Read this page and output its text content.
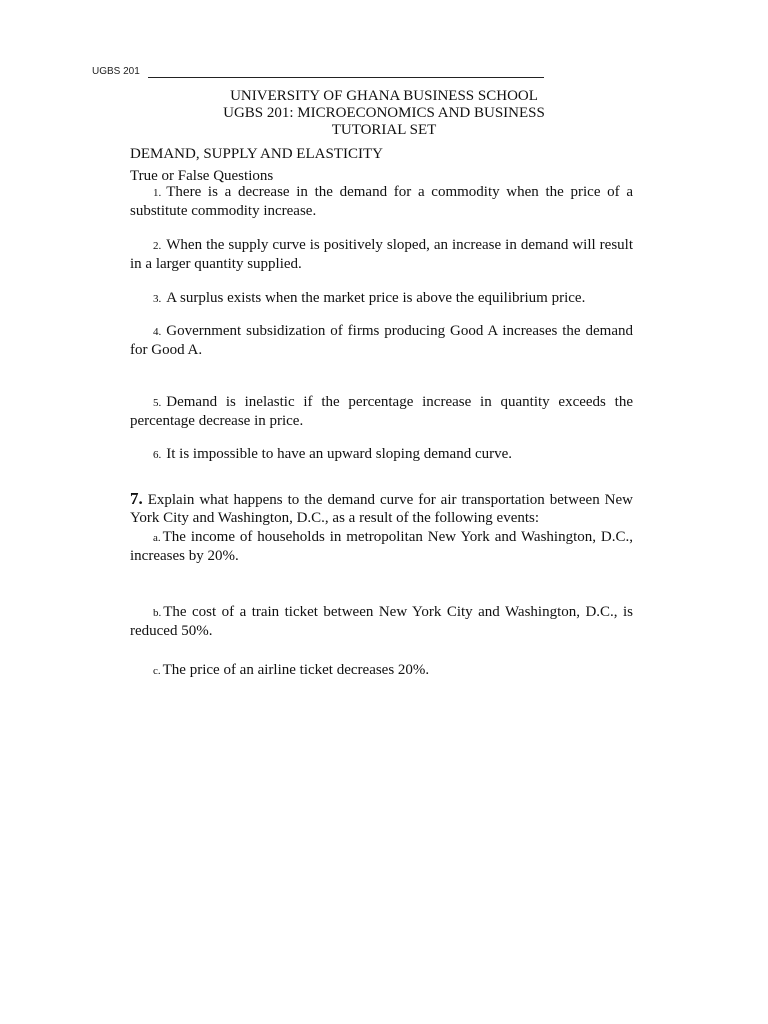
UGBS 201
UNIVERSITY OF GHANA BUSINESS SCHOOL
UGBS 201: MICROECONOMICS AND BUSINESS
TUTORIAL SET
DEMAND, SUPPLY AND ELASTICITY
True or False Questions
1. There is a decrease in the demand for a commodity when the price of a substitute commodity increase.
2. When the supply curve is positively sloped, an increase in demand will result in a larger quantity supplied.
3. A surplus exists when the market price is above the equilibrium price.
4. Government subsidization of firms producing Good A increases the demand for Good A.
5. Demand is inelastic if the percentage increase in quantity exceeds the percentage decrease in price.
6. It is impossible to have an upward sloping demand curve.
7. Explain what happens to the demand curve for air transportation between New York City and Washington, D.C., as a result of the following events:
a. The income of households in metropolitan New York and Washington, D.C., increases by 20%.
b. The cost of a train ticket between New York City and Washington, D.C., is reduced 50%.
c. The price of an airline ticket decreases 20%.
